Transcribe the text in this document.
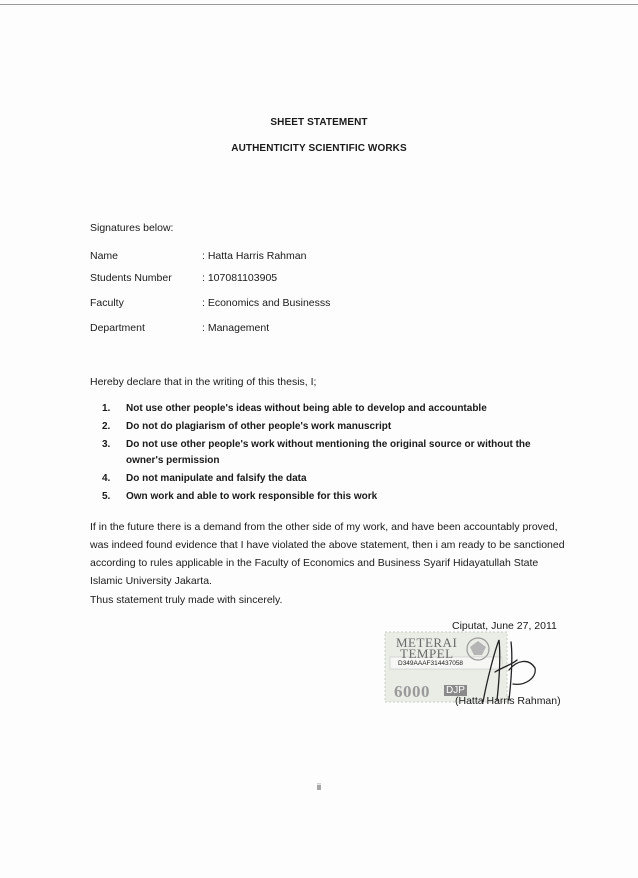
SHEET STATEMENT
AUTHENTICITY SCIENTIFIC WORKS
Signatures below:
Name	: Hatta Harris Rahman
Students Number	: 107081103905
Faculty	: Economics and Businesss
Department	: Management
Hereby declare that in the writing of this thesis, I;
1. Not use other people's ideas without being able to develop and accountable
2. Do not do plagiarism of other people's work manuscript
3. Do not use other people's work without mentioning the original source or without the owner's permission
4. Do not manipulate and falsify the data
5. Own work and able to work responsible for this work
If in the future there is a demand from the other side of my work, and have been accountably proved, was indeed found evidence that I have violated the above statement, then i am ready to be sanctioned according to rules applicable in the Faculty of Economics and Business Syarif Hidayatullah State Islamic University Jakarta.
Thus statement truly made with sincerely.
Ciputat, June 27, 2011
METERAI
TEMPEL
D349AAAF314437058
6000 DJP
(Hatta Harris Rahman)
ii
